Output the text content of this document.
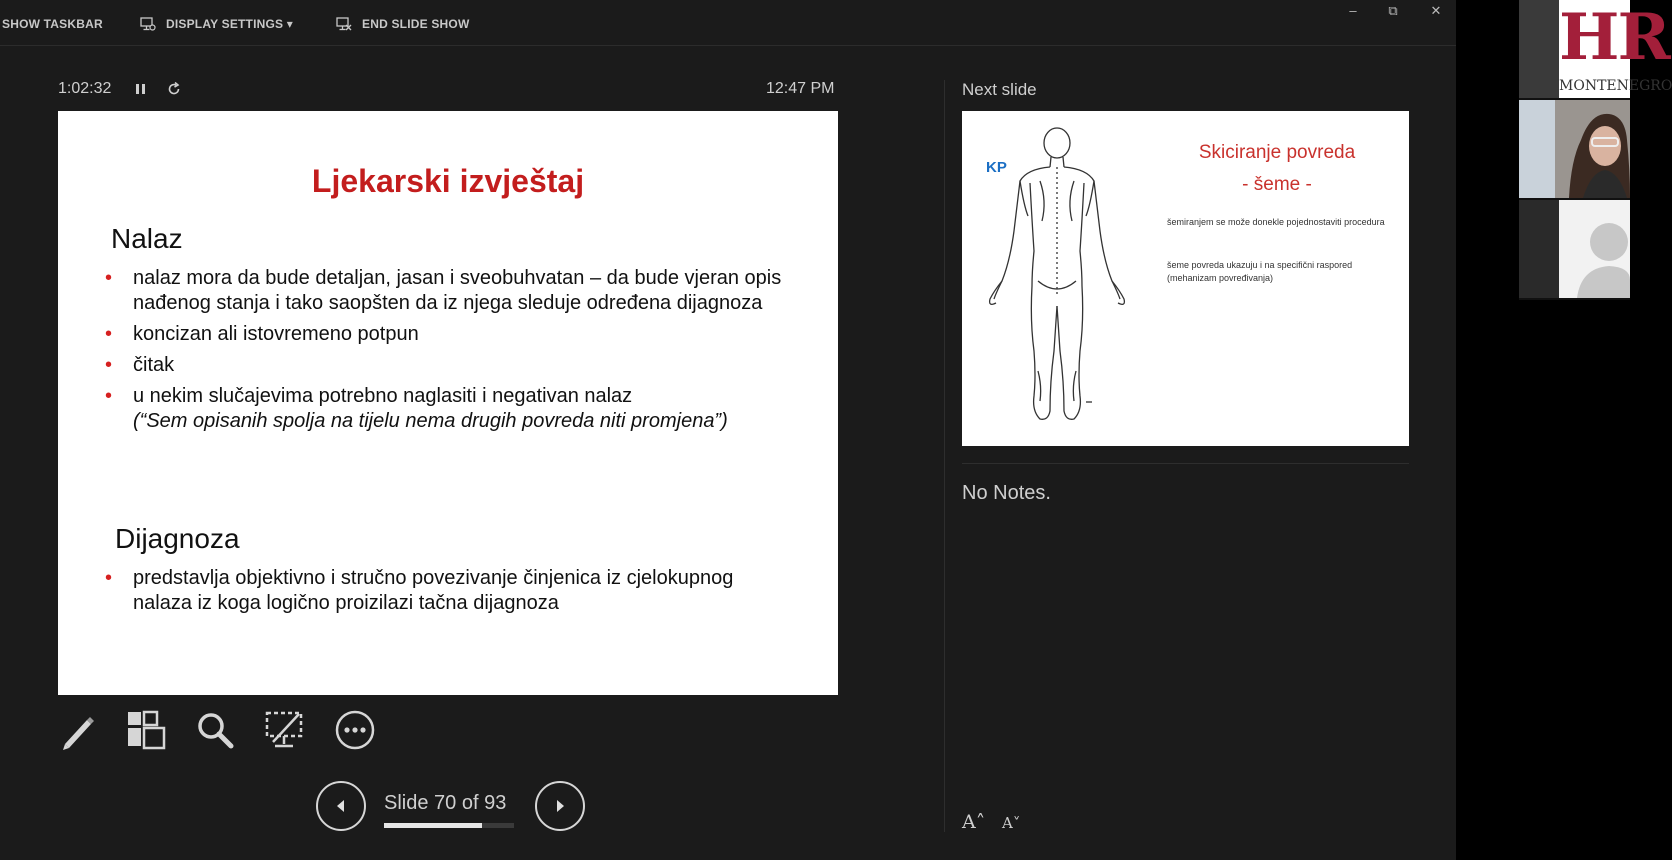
SHOW TASKBAR	DISPLAY SETTINGS ▾	END SLIDE SHOW
–	⧉	✕
1:02:32	12:47 PM
Ljekarski izvještaj
Nalaz
• nalaz mora da bude detaljan, jasan i sveobuhvatan – da bude vjeran opis nađenog stanja i tako saopšten da iz njega sleduje određena dijagnoza
• koncizan ali istovremeno potpun
• čitak
• u nekim slučajevima potrebno naglasiti i negativan nalaz
(“Sem opisanih spolja na tijelu nema drugih povreda niti promjena”)
Dijagnoza
• predstavlja objektivno i stručno povezivanje činjenica iz cjelokupnog nalaza iz koga logično proizilazi tačna dijagnoza
Slide 70 of 93
Next slide
KP
Skiciranje povreda
- šeme -
šemiranjem se može donekle pojednostaviti procedura
šeme povreda ukazuju i na specifični raspored (mehanizam povređivanja)
No Notes.
A˄ A˅
HR
MONTENEGRO
